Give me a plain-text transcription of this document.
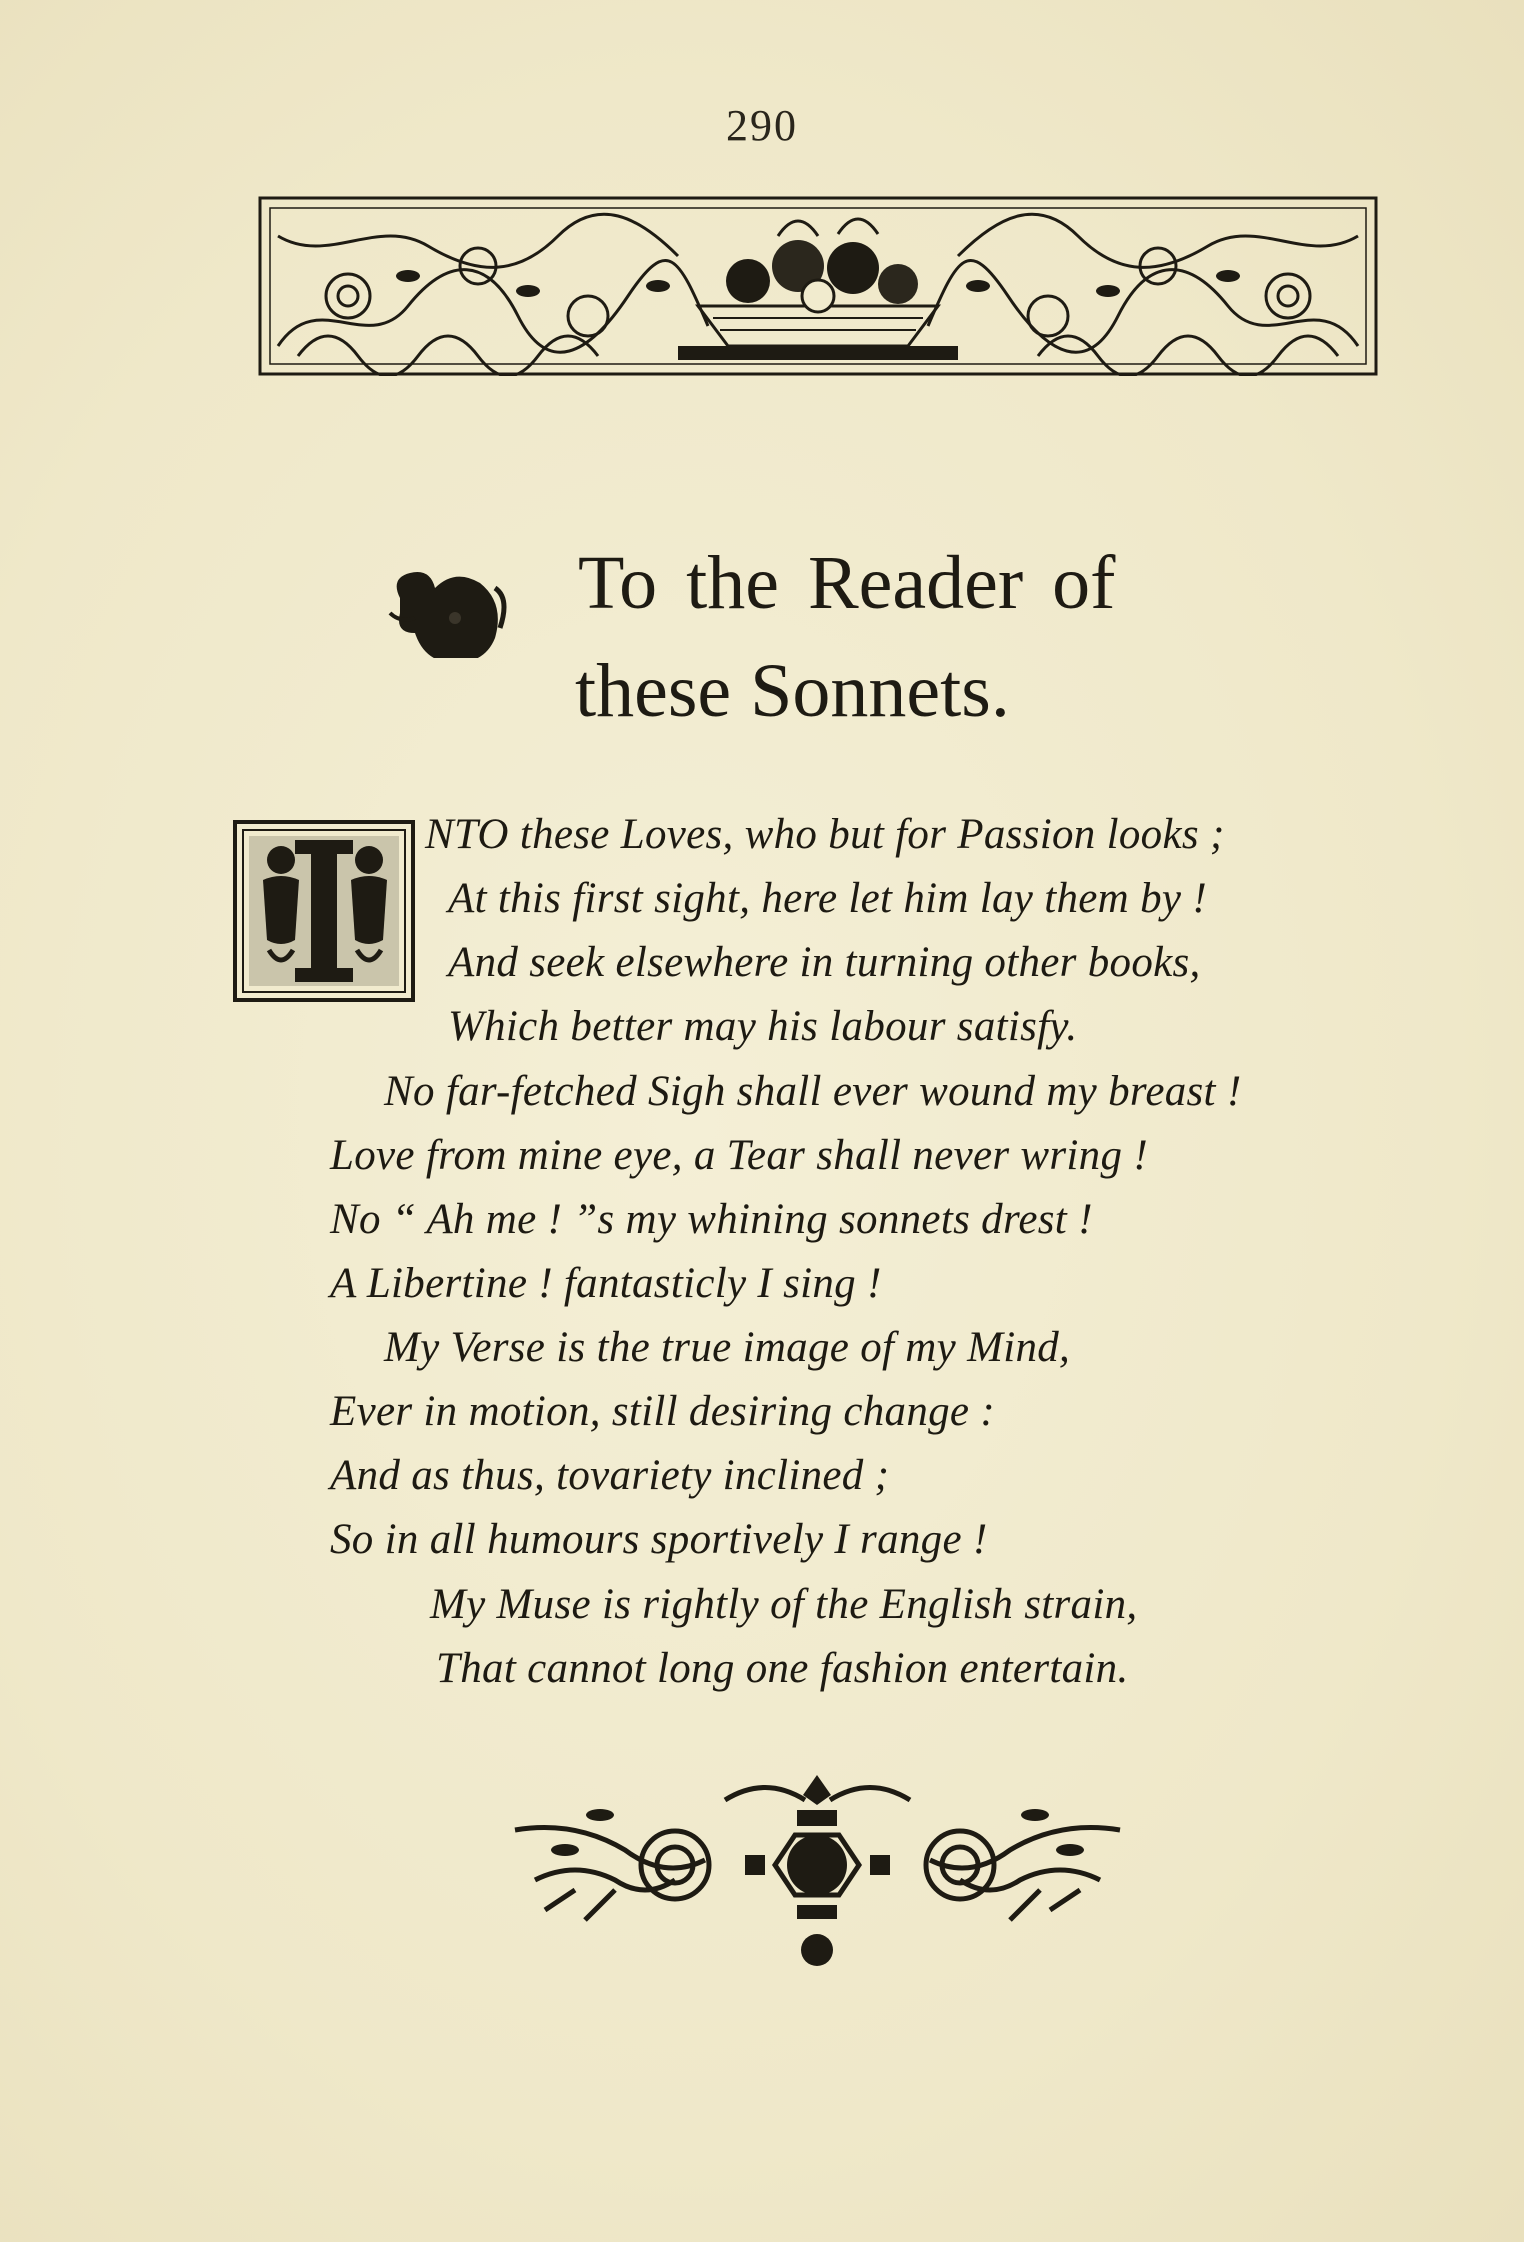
290
To the Reader of
these Sonnets.
NTO these Loves, who but for Passion looks ;
At this first sight, here let him lay them by !
And seek elsewhere in turning other books,
Which better may his labour satisfy.
No far-fetched Sigh shall ever wound my breast !
Love from mine eye, a Tear shall never wring !
No “ Ah me ! ”s my whining sonnets drest !
A Libertine ! fantasticly I sing !
My Verse is the true image of my Mind,
Ever in motion, still desiring change :
And as thus, tovariety inclined ;
So in all humours sportively I range !
My Muse is rightly of the English strain,
That cannot long one fashion entertain.
